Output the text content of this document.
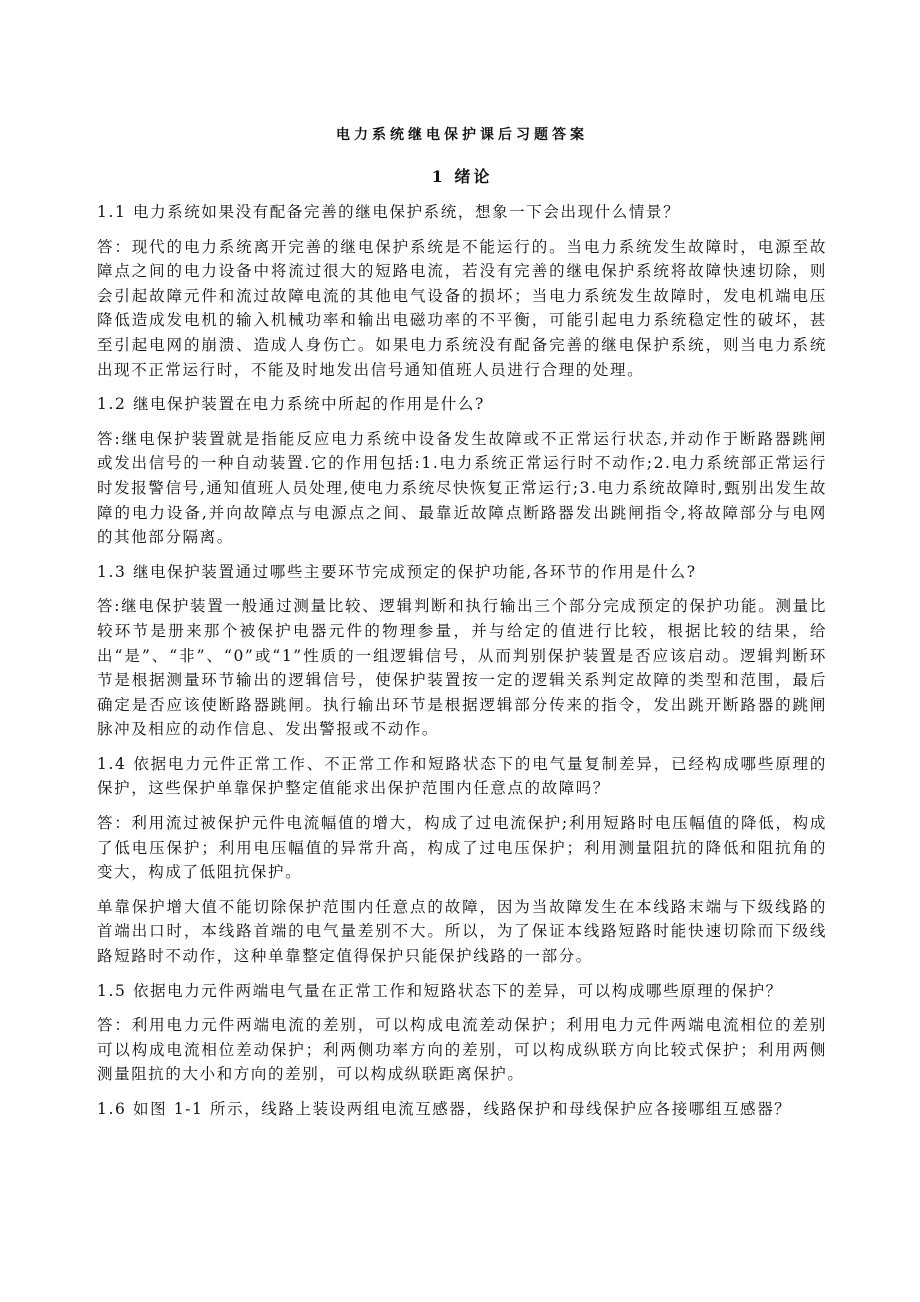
电力系统继电保护课后习题答案
1 绪论

1.1 电力系统如果没有配备完善的继电保护系统，想象一下会出现什么情景？

答：现代的电力系统离开完善的继电保护系统是不能运行的。当电力系统发生故障时，电源至故障点之间的电力设备中将流过很大的短路电流，若没有完善的继电保护系统将故障快速切除，则会引起故障元件和流过故障电流的其他电气设备的损坏；当电力系统发生故障时，发电机端电压降低造成发电机的输入机械功率和输出电磁功率的不平衡，可能引起电力系统稳定性的破坏，甚至引起电网的崩溃、造成人身伤亡。如果电力系统没有配备完善的继电保护系统，则当电力系统出现不正常运行时，不能及时地发出信号通知值班人员进行合理的处理。

1.2 继电保护装置在电力系统中所起的作用是什么?

答:继电保护装置就是指能反应电力系统中设备发生故障或不正常运行状态,并动作于断路器跳闸或发出信号的一种自动装置.它的作用包括:1.电力系统正常运行时不动作;2.电力系统部正常运行时发报警信号,通知值班人员处理,使电力系统尽快恢复正常运行;3.电力系统故障时,甄别出发生故障的电力设备,并向故障点与电源点之间、最靠近故障点断路器发出跳闸指令,将故障部分与电网的其他部分隔离。

1.3 继电保护装置通过哪些主要环节完成预定的保护功能,各环节的作用是什么?

答:继电保护装置一般通过测量比较、逻辑判断和执行输出三个部分完成预定的保护功能。测量比较环节是册来那个被保护电器元件的物理参量，并与给定的值进行比较，根据比较的结果，给出“是”、“非”、“0”或“1”性质的一组逻辑信号，从而判别保护装置是否应该启动。逻辑判断环节是根据测量环节输出的逻辑信号，使保护装置按一定的逻辑关系判定故障的类型和范围，最后确定是否应该使断路器跳闸。执行输出环节是根据逻辑部分传来的指令，发出跳开断路器的跳闸脉冲及相应的动作信息、发出警报或不动作。

1.4 依据电力元件正常工作、不正常工作和短路状态下的电气量复制差异，已经构成哪些原理的保护，这些保护单靠保护整定值能求出保护范围内任意点的故障吗？

答：利用流过被保护元件电流幅值的增大，构成了过电流保护;利用短路时电压幅值的降低，构成了低电压保护；利用电压幅值的异常升高，构成了过电压保护；利用测量阻抗的降低和阻抗角的变大，构成了低阻抗保护。

单靠保护增大值不能切除保护范围内任意点的故障，因为当故障发生在本线路末端与下级线路的首端出口时，本线路首端的电气量差别不大。所以，为了保证本线路短路时能快速切除而下级线路短路时不动作，这种单靠整定值得保护只能保护线路的一部分。

1.5 依据电力元件两端电气量在正常工作和短路状态下的差异，可以构成哪些原理的保护？

答：利用电力元件两端电流的差别，可以构成电流差动保护；利用电力元件两端电流相位的差别可以构成电流相位差动保护；利两侧功率方向的差别，可以构成纵联方向比较式保护；利用两侧测量阻抗的大小和方向的差别，可以构成纵联距离保护。

1.6 如图 1-1 所示，线路上装设两组电流互感器，线路保护和母线保护应各接哪组互感器？
